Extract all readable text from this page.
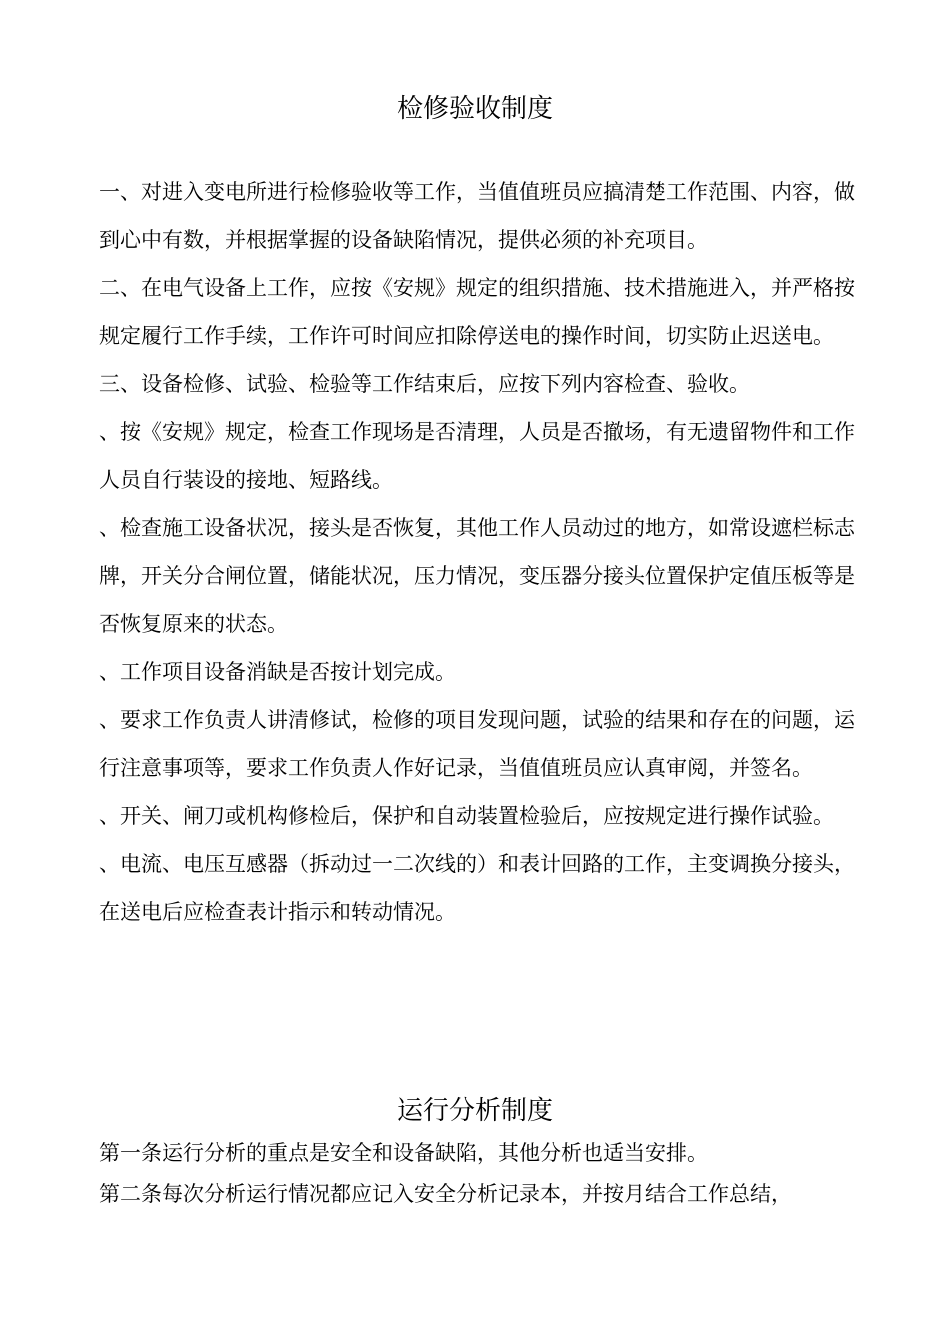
检修验收制度

一、对进入变电所进行检修验收等工作，当值值班员应搞清楚工作范围、内容，做到心中有数，并根据掌握的设备缺陷情况，提供必须的补充项目。

二、在电气设备上工作，应按《安规》规定的组织措施、技术措施进入，并严格按规定履行工作手续，工作许可时间应扣除停送电的操作时间，切实防止迟送电。

三、设备检修、试验、检验等工作结束后，应按下列内容检查、验收。

、按《安规》规定，检查工作现场是否清理，人员是否撤场，有无遗留物件和工作人员自行装设的接地、短路线。

、检查施工设备状况，接头是否恢复，其他工作人员动过的地方，如常设遮栏标志牌，开关分合闸位置，储能状况，压力情况，变压器分接头位置保护定值压板等是否恢复原来的状态。

、工作项目设备消缺是否按计划完成。

、要求工作负责人讲清修试，检修的项目发现问题，试验的结果和存在的问题，运行注意事项等，要求工作负责人作好记录，当值值班员应认真审阅，并签名。

、开关、闸刀或机构修检后，保护和自动装置检验后，应按规定进行操作试验。

、电流、电压互感器（拆动过一二次线的）和表计回路的工作，主变调换分接头，在送电后应检查表计指示和转动情况。

运行分析制度

第一条运行分析的重点是安全和设备缺陷，其他分析也适当安排。

第二条每次分析运行情况都应记入安全分析记录本，并按月结合工作总结，
